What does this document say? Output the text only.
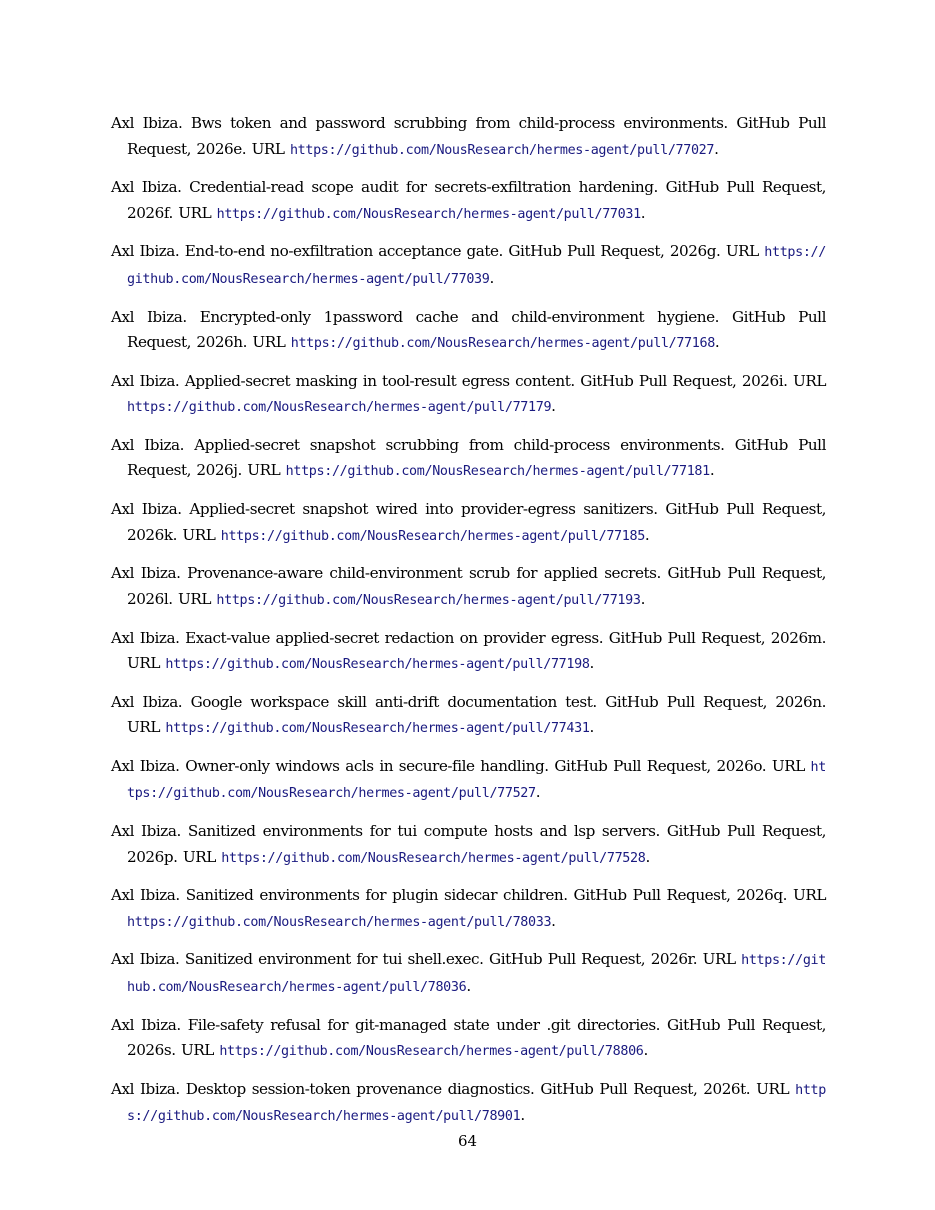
Axl Ibiza. Bws token and password scrubbing from child-process environments. GitHub Pull Request, 2026e. URL https://github.com/NousResearch/hermes-agent/pull/77027.
Axl Ibiza. Credential-read scope audit for secrets-exfiltration hardening. GitHub Pull Request, 2026f. URL https://github.com/NousResearch/hermes-agent/pull/77031.
Axl Ibiza. End-to-end no-exfiltration acceptance gate. GitHub Pull Request, 2026g. URL https://github.com/NousResearch/hermes-agent/pull/77039.
Axl Ibiza. Encrypted-only 1password cache and child-environment hygiene. GitHub Pull Request, 2026h. URL https://github.com/NousResearch/hermes-agent/pull/77168.
Axl Ibiza. Applied-secret masking in tool-result egress content. GitHub Pull Request, 2026i. URL https://github.com/NousResearch/hermes-agent/pull/77179.
Axl Ibiza. Applied-secret snapshot scrubbing from child-process environments. GitHub Pull Request, 2026j. URL https://github.com/NousResearch/hermes-agent/pull/77181.
Axl Ibiza. Applied-secret snapshot wired into provider-egress sanitizers. GitHub Pull Request, 2026k. URL https://github.com/NousResearch/hermes-agent/pull/77185.
Axl Ibiza. Provenance-aware child-environment scrub for applied secrets. GitHub Pull Request, 2026l. URL https://github.com/NousResearch/hermes-agent/pull/77193.
Axl Ibiza. Exact-value applied-secret redaction on provider egress. GitHub Pull Request, 2026m. URL https://github.com/NousResearch/hermes-agent/pull/77198.
Axl Ibiza. Google workspace skill anti-drift documentation test. GitHub Pull Request, 2026n. URL https://github.com/NousResearch/hermes-agent/pull/77431.
Axl Ibiza. Owner-only windows acls in secure-file handling. GitHub Pull Request, 2026o. URL https://github.com/NousResearch/hermes-agent/pull/77527.
Axl Ibiza. Sanitized environments for tui compute hosts and lsp servers. GitHub Pull Request, 2026p. URL https://github.com/NousResearch/hermes-agent/pull/77528.
Axl Ibiza. Sanitized environments for plugin sidecar children. GitHub Pull Request, 2026q. URL https://github.com/NousResearch/hermes-agent/pull/78033.
Axl Ibiza. Sanitized environment for tui shell.exec. GitHub Pull Request, 2026r. URL https://github.com/NousResearch/hermes-agent/pull/78036.
Axl Ibiza. File-safety refusal for git-managed state under .git directories. GitHub Pull Request, 2026s. URL https://github.com/NousResearch/hermes-agent/pull/78806.
Axl Ibiza. Desktop session-token provenance diagnostics. GitHub Pull Request, 2026t. URL https://github.com/NousResearch/hermes-agent/pull/78901.
64
